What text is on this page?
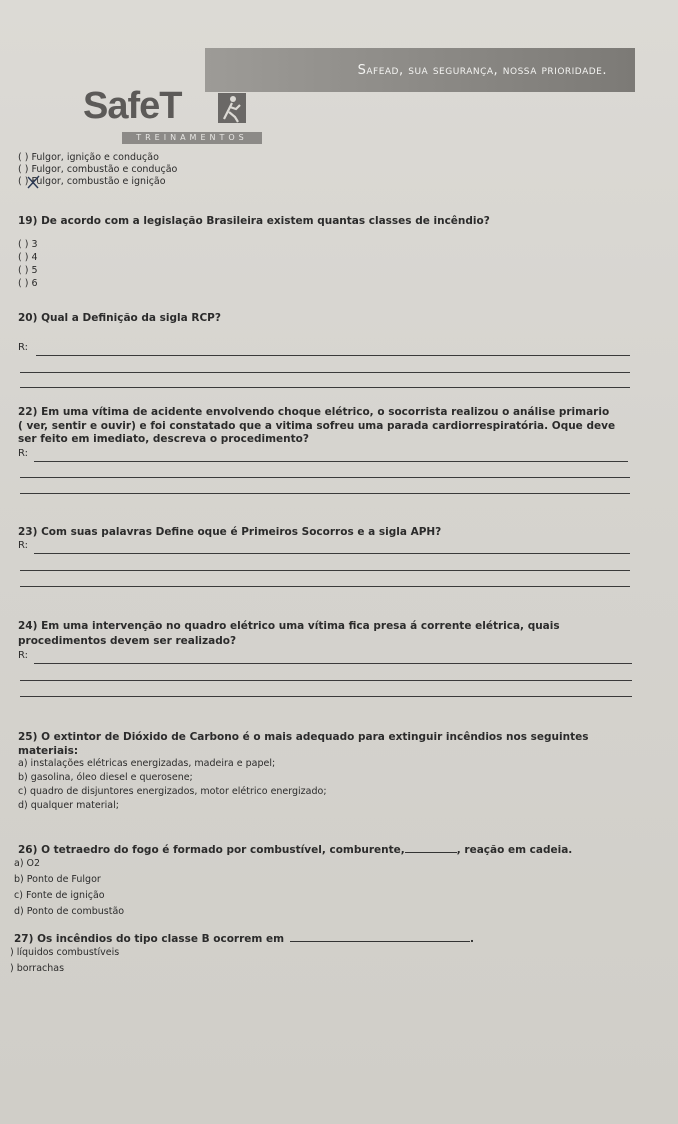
Safead, sua segurança, nossa prioridade.
SafeT
TREINAMENTOS
( ) Fulgor, ignição e condução
( ) Fulgor, combustão e condução
( ) Fulgor, combustão e ignição
19) De acordo com a legislação Brasileira existem quantas classes de incêndio?
( ) 3
( ) 4
( ) 5
( ) 6
20) Qual a Definição da sigla RCP?
R:
22) Em uma vítima de acidente envolvendo choque elétrico, o socorrista realizou o análise primario
( ver, sentir e ouvir) e foi constatado que a vitima sofreu uma parada cardiorrespiratória. Oque deve
ser feito em imediato, descreva o procedimento?
R:
23) Com suas palavras Define oque é Primeiros Socorros e a sigla APH?
R:
24) Em uma intervenção no quadro elétrico uma vítima fica presa á corrente elétrica, quais
procedimentos devem ser realizado?
R:
25) O extintor de Dióxido de Carbono é o mais adequado para extinguir incêndios nos seguintes
materiais:
a) instalações elétricas energizadas, madeira e papel;
b) gasolina, óleo diesel e querosene;
c) quadro de disjuntores energizados, motor elétrico energizado;
d) qualquer material;
26) O tetraedro do fogo é formado por combustível, comburente,	, reação em cadeia.
a) O2
b) Ponto de Fulgor
c) Fonte de ignição
d) Ponto de combustão
27) Os incêndios do tipo classe B ocorrem em	.
) líquidos combustíveis
) borrachas
